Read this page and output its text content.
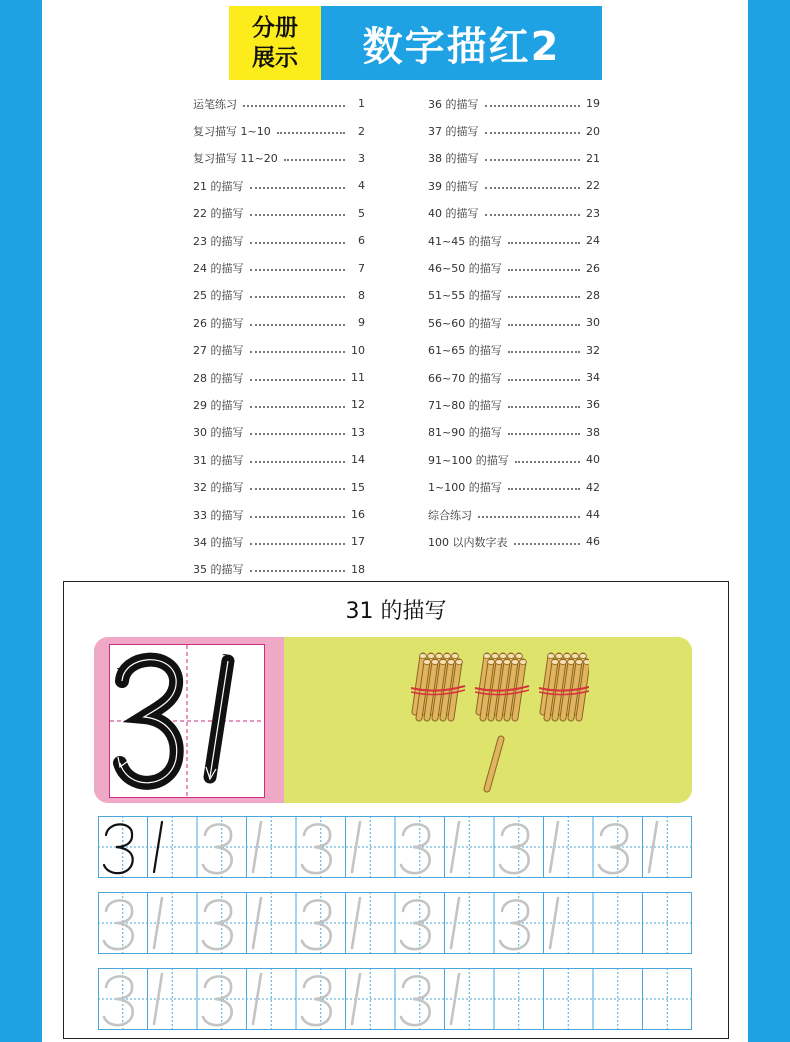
分册
展示	数字描红2
运笔练习	1
复习描写 1~10	2
复习描写 11~20	3
21 的描写	4
22 的描写	5
23 的描写	6
24 的描写	7
25 的描写	8
26 的描写	9
27 的描写	10
28 的描写	11
29 的描写	12
30 的描写	13
31 的描写	14
32 的描写	15
33 的描写	16
34 的描写	17
35 的描写	18
36 的描写	19
37 的描写	20
38 的描写	21
39 的描写	22
40 的描写	23
41~45 的描写	24
46~50 的描写	26
51~55 的描写	28
56~60 的描写	30
61~65 的描写	32
66~70 的描写	34
71~80 的描写	36
81~90 的描写	38
91~100 的描写	40
1~100 的描写	42
综合练习	44
100 以内数字表	46
31 的描写
1
2
